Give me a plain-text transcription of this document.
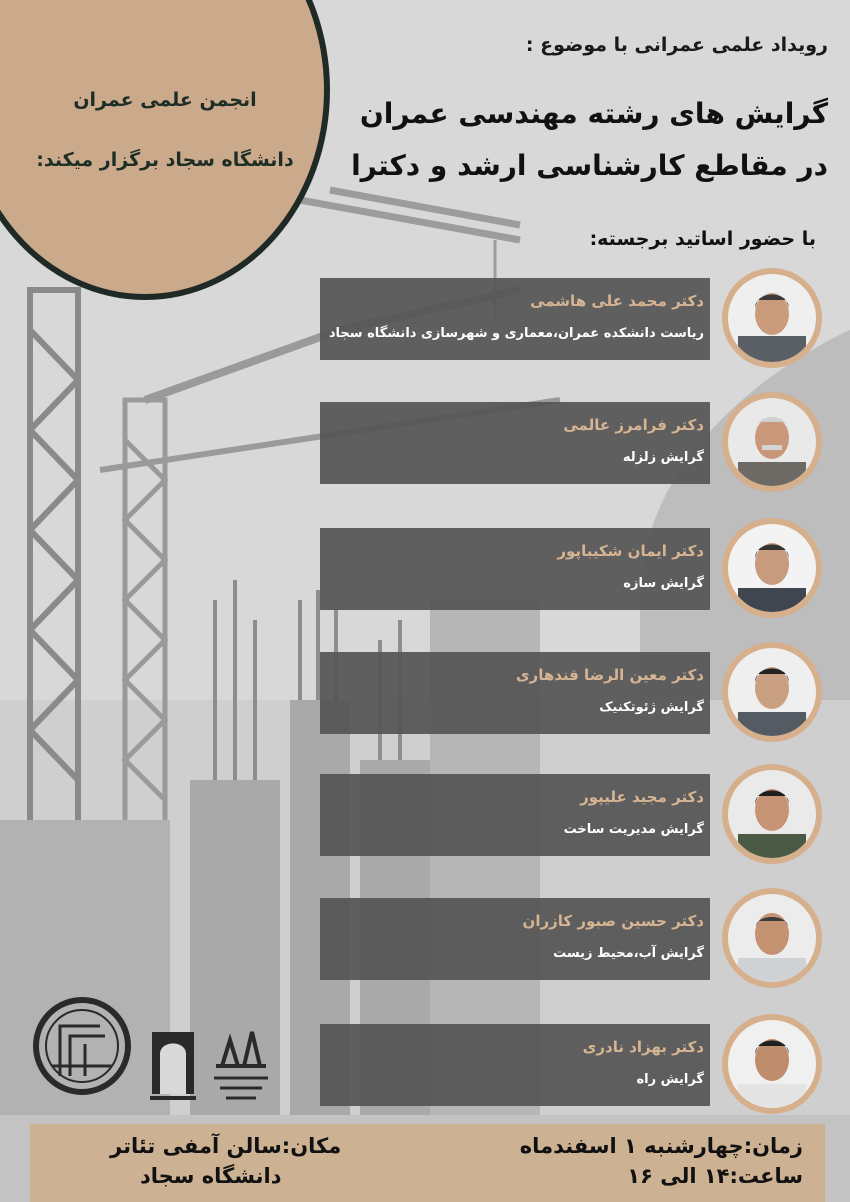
انجمن علمی عمران
دانشگاه سجاد برگزار میکند:
رویداد علمی عمرانی با موضوع :
گرایش های رشته مهندسی عمران
در مقاطع کارشناسی ارشد و دکترا
با حضور اساتید برجسته:
دکتر محمد علی هاشمی
ریاست دانشکده عمران،معماری و شهرسازی دانشگاه سجاد
دکتر فرامرز عالمی
گرایش زلزله
دکتر ایمان شکیباپور
گرایش سازه
دکتر معین الرضا قندهاری
گرایش ژئوتکنیک
دکتر مجید علیپور
گرایش مدیریت ساخت
دکتر حسین صبور کازران
گرایش آب،محیط زیست
دکتر بهزاد نادری
گرایش راه
زمان:چهارشنبه ۱ اسفندماه
ساعت:۱۴ الی ۱۶
مکان:سالن آمفی تئاتر
دانشگاه سجاد
